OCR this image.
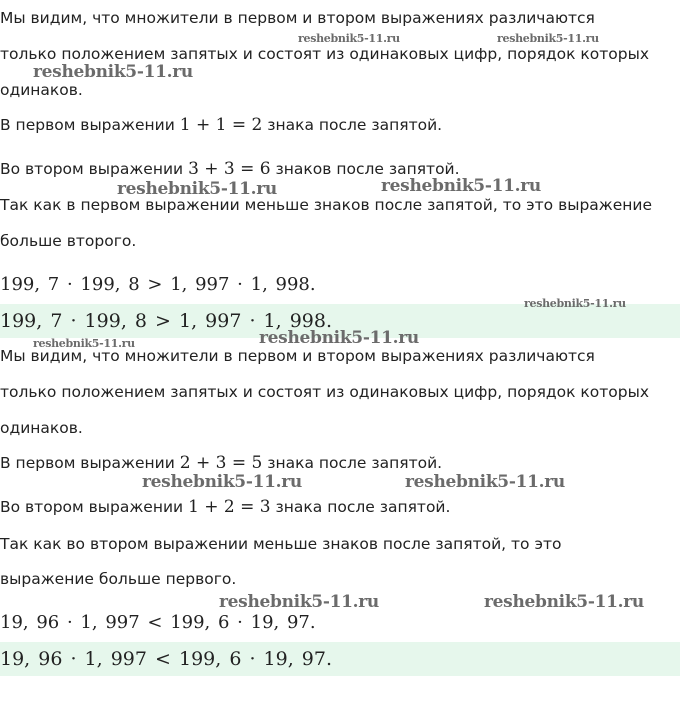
Мы видим, что множители в первом и втором выражениях различаются
только положением запятых и состоят из одинаковых цифр, порядок которых
одинаков.
В первом выражении 1 + 1 = 2 знака после запятой.
Во втором выражении 3 + 3 = 6 знаков после запятой.
Так как в первом выражении меньше знаков после запятой, то это выражение
больше второго.
199, 7 · 199, 8 > 1, 997 · 1, 998.
199, 7 · 199, 8 > 1, 997 · 1, 998.
Мы видим, что множители в первом и втором выражениях различаются
только положением запятых и состоят из одинаковых цифр, порядок которых
одинаков.
В первом выражении 2 + 3 = 5 знака после запятой.
Во втором выражении 1 + 2 = 3 знака после запятой.
Так как во втором выражении меньше знаков после запятой, то это
выражение больше первого.
19, 96 · 1, 997 < 199, 6 · 19, 97.
19, 96 · 1, 997 < 199, 6 · 19, 97.
reshebnik5-11.ru	reshebnik5-11.ru
reshebnik5-11.ru
reshebnik5-11.ru	reshebnik5-11.ru
reshebnik5-11.ru
reshebnik5-11.ru
reshebnik5-11.ru
reshebnik5-11.ru	reshebnik5-11.ru
reshebnik5-11.ru	reshebnik5-11.ru
